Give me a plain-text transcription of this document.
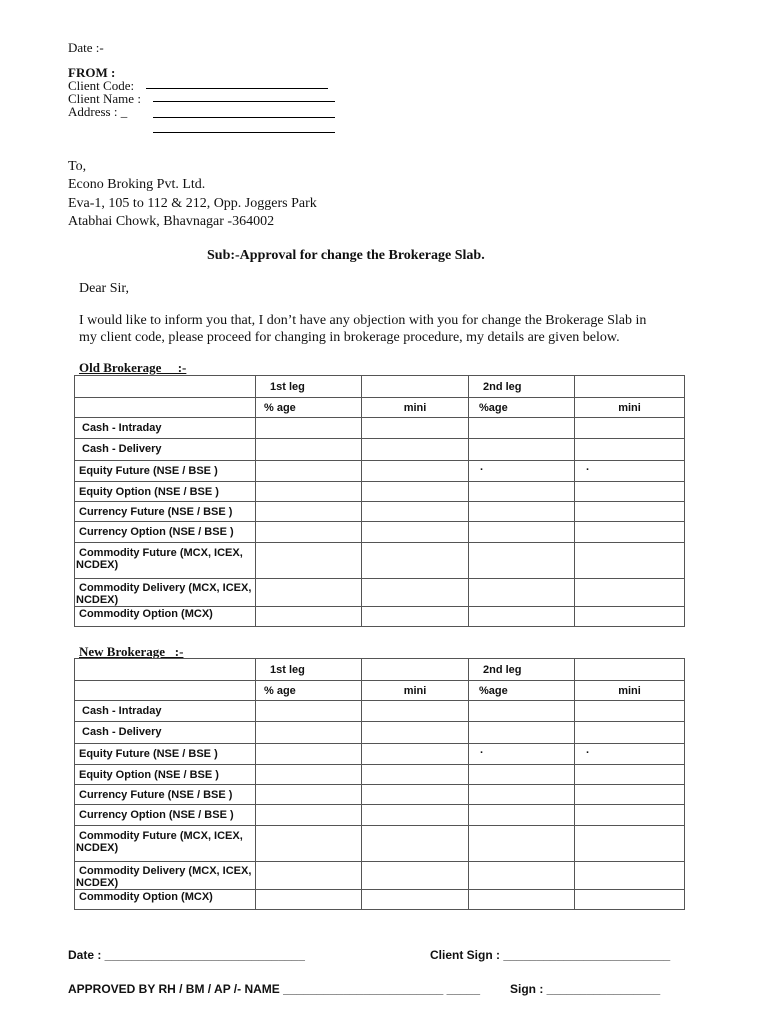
Date :-
FROM :
Client Code:
Client Name :
Address : _
To,
Econo Broking Pvt. Ltd.
Eva-1, 105 to 112 & 212, Opp. Joggers Park
Atabhai Chowk, Bhavnagar -364002
Sub:-Approval for change the Brokerage Slab.
Dear Sir,
I would like to inform you that, I don’t have any objection with you for change the Brokerage Slab in
my client code, please proceed for changing in brokerage procedure, my details are given below.
Old Brokerage     :-
	1st leg		2nd leg	
	% age	mini	%age	mini
Cash - Intraday				
Cash - Delivery				
Equity Future (NSE / BSE )			.	.
Equity Option (NSE / BSE )				
Currency Future (NSE / BSE )				
Currency Option (NSE / BSE )				

Commodity Future (MCX, ICEX,
NCDEX)				

Commodity Delivery (MCX, ICEX,
NCDEX)				

Commodity Option (MCX)				
New Brokerage   :-
	1st leg		2nd leg	
	% age	mini	%age	mini
Cash - Intraday				
Cash - Delivery				
Equity Future (NSE / BSE )			.	.
Equity Option (NSE / BSE )				
Currency Future (NSE / BSE )				
Currency Option (NSE / BSE )				

Commodity Future (MCX, ICEX,
NCDEX)				

Commodity Delivery (MCX, ICEX,
NCDEX)				

Commodity Option (MCX)				
Date : ______________________________	Client Sign : _________________________
APPROVED BY RH / BM / AP /- NAME ________________________ _____ Sign : _________________
